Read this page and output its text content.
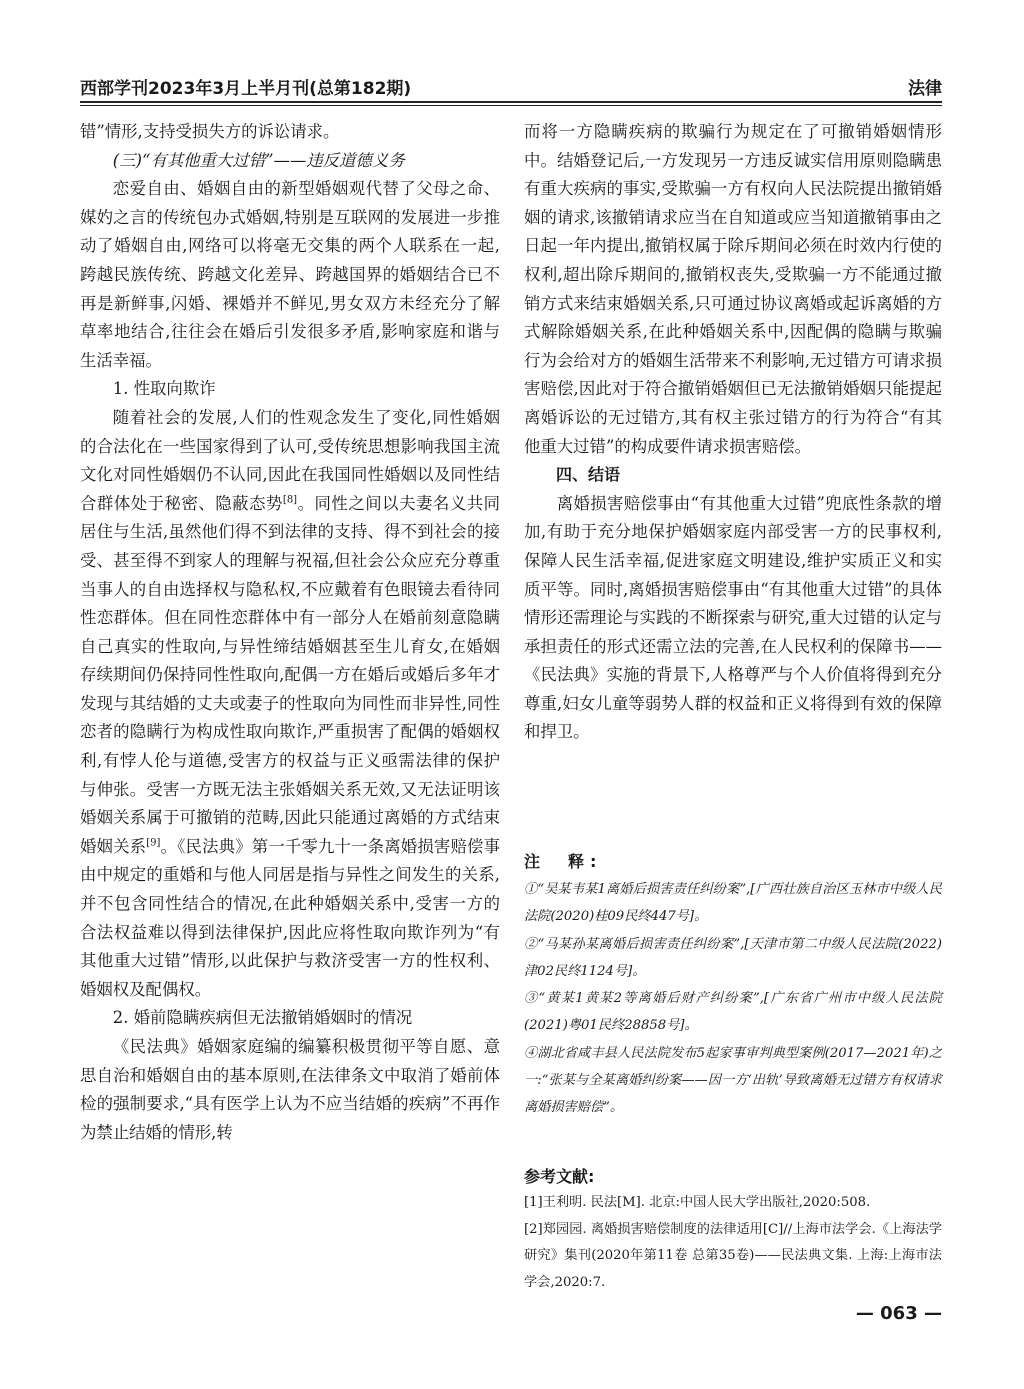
西部学刊2023年3月上半月刊(总第182期)	法律

错”情形,支持受损失方的诉讼请求。

(三)“有其他重大过错”——违反道德义务

恋爱自由、婚姻自由的新型婚姻观代替了父母之命、媒妁之言的传统包办式婚姻,特别是互联网的发展进一步推动了婚姻自由,网络可以将毫无交集的两个人联系在一起,跨越民族传统、跨越文化差异、跨越国界的婚姻结合已不再是新鲜事,闪婚、裸婚并不鲜见,男女双方未经充分了解草率地结合,往往会在婚后引发很多矛盾,影响家庭和谐与生活幸福。

1. 性取向欺诈

随着社会的发展,人们的性观念发生了变化,同性婚姻的合法化在一些国家得到了认可,受传统思想影响我国主流文化对同性婚姻仍不认同,因此在我国同性婚姻以及同性结合群体处于秘密、隐蔽态势[8]。同性之间以夫妻名义共同居住与生活,虽然他们得不到法律的支持、得不到社会的接受、甚至得不到家人的理解与祝福,但社会公众应充分尊重当事人的自由选择权与隐私权,不应戴着有色眼镜去看待同性恋群体。但在同性恋群体中有一部分人在婚前刻意隐瞒自己真实的性取向,与异性缔结婚姻甚至生儿育女,在婚姻存续期间仍保持同性性取向,配偶一方在婚后或婚后多年才发现与其结婚的丈夫或妻子的性取向为同性而非异性,同性恋者的隐瞒行为构成性取向欺诈,严重损害了配偶的婚姻权利,有悖人伦与道德,受害方的权益与正义亟需法律的保护与伸张。受害一方既无法主张婚姻关系无效,又无法证明该婚姻关系属于可撤销的范畴,因此只能通过离婚的方式结束婚姻关系[9]。《民法典》第一千零九十一条离婚损害赔偿事由中规定的重婚和与他人同居是指与异性之间发生的关系,并不包含同性结合的情况,在此种婚姻关系中,受害一方的合法权益难以得到法律保护,因此应将性取向欺诈列为“有其他重大过错”情形,以此保护与救济受害一方的性权利、婚姻权及配偶权。

2. 婚前隐瞒疾病但无法撤销婚姻时的情况

《民法典》婚姻家庭编的编纂积极贯彻平等自愿、意思自治和婚姻自由的基本原则,在法律条文中取消了婚前体检的强制要求,“具有医学上认为不应当结婚的疾病”不再作为禁止结婚的情形,转

而将一方隐瞒疾病的欺骗行为规定在了可撤销婚姻情形中。结婚登记后,一方发现另一方违反诚实信用原则隐瞒患有重大疾病的事实,受欺骗一方有权向人民法院提出撤销婚姻的请求,该撤销请求应当在自知道或应当知道撤销事由之日起一年内提出,撤销权属于除斥期间必须在时效内行使的权利,超出除斥期间的,撤销权丧失,受欺骗一方不能通过撤销方式来结束婚姻关系,只可通过协议离婚或起诉离婚的方式解除婚姻关系,在此种婚姻关系中,因配偶的隐瞒与欺骗行为会给对方的婚姻生活带来不利影响,无过错方可请求损害赔偿,因此对于符合撤销婚姻但已无法撤销婚姻只能提起离婚诉讼的无过错方,其有权主张过错方的行为符合“有其他重大过错”的构成要件请求损害赔偿。

四、结语

离婚损害赔偿事由“有其他重大过错”兜底性条款的增加,有助于充分地保护婚姻家庭内部受害一方的民事权利,保障人民生活幸福,促进家庭文明建设,维护实质正义和实质平等。同时,离婚损害赔偿事由“有其他重大过错”的具体情形还需理论与实践的不断探索与研究,重大过错的认定与承担责任的形式还需立法的完善,在人民权利的保障书——《民法典》实施的背景下,人格尊严与个人价值将得到充分尊重,妇女儿童等弱势人群的权益和正义将得到有效的保障和捍卫。

注　释:

①“吴某韦某1离婚后损害责任纠纷案”,[广西壮族自治区玉林市中级人民法院(2020)桂09民终447号]。

②“马某孙某离婚后损害责任纠纷案”,[天津市第二中级人民法院(2022)津02民终1124号]。

③“黄某1黄某2等离婚后财产纠纷案”,[广东省广州市中级人民法院(2021)粤01民终28858号]。

④湖北省咸丰县人民法院发布5起家事审判典型案例(2017—2021年)之一:“张某与全某离婚纠纷案——因一方‘出轨’导致离婚无过错方有权请求离婚损害赔偿”。

参考文献:

[1]王利明. 民法[M]. 北京:中国人民大学出版社,2020:508.

[2]郑园园. 离婚损害赔偿制度的法律适用[C]//上海市法学会.《上海法学研究》集刊(2020年第11卷 总第35卷)——民法典文集. 上海:上海市法学会,2020:7.

— 063 —
